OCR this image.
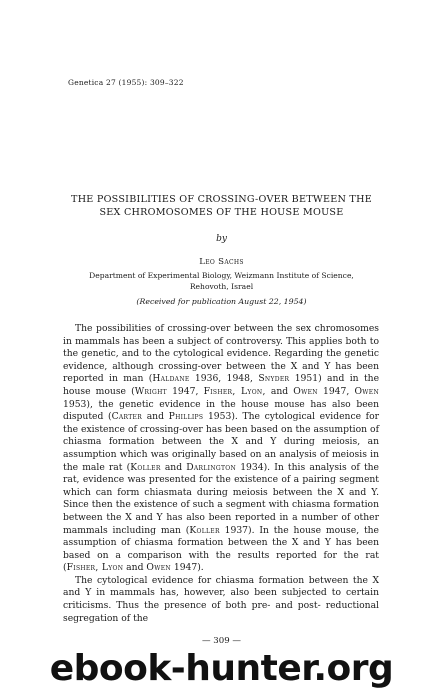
Genetica 27 (1955): 309–322
THE POSSIBILITIES OF CROSSING-OVER BETWEEN THE
SEX CHROMOSOMES OF THE HOUSE MOUSE
by
Leo Sachs
Department of Experimental Biology, Weizmann Institute of Science,
Rehovoth, Israel
(Received for publication August 22, 1954)

The possibilities of crossing-over between the sex chromosomes in mammals has been a subject of controversy. This applies both to the genetic, and to the cytological evidence. Regarding the genetic evidence, although crossing-over between the X and Y has been reported in man (Haldane 1936, 1948, Snyder 1951) and in the house mouse (Wright 1947, Fisher, Lyon, and Owen 1947, Owen 1953), the genetic evidence in the house mouse has also been disputed (Carter and Phillips 1953). The cytological evidence for the existence of crossing-over has been based on the assumption of chiasma formation between the X and Y during meiosis, an assumption which was originally based on an analysis of meiosis in the male rat (Koller and Darlington 1934). In this analysis of the rat, evidence was presented for the existence of a pairing segment which can form chiasmata during meiosis between the X and Y. Since then the existence of such a segment with chiasma formation between the X and Y has also been reported in a number of other mammals including man (Koller 1937). In the house mouse, the assumption of chiasma formation between the X and Y has been based on a comparison with the results reported for the rat (Fisher, Lyon and Owen 1947).

The cytological evidence for chiasma formation between the X and Y in mammals has, however, also been subjected to certain criticisms. Thus the presence of both pre- and post- reductional segregation of the

— 309 —
ebook-hunter.org
